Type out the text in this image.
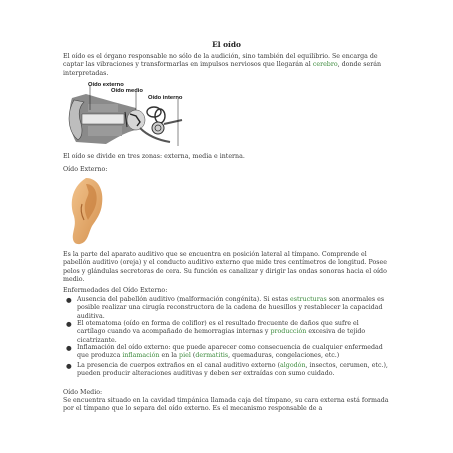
El oído
El oído es el órgano responsable no sólo de la audición, sino también del equilibrio. Se encarga de captar las vibraciones y transformarlas en impulsos nerviosos que llegarán al cerebro, donde serán interpretadas.
Oído externo
Oído medio
Oído interno
El oído se divide en tres zonas: externa, media e interna.
Oído Externo:
Es la parte del aparato auditivo que se encuentra en posición lateral al tímpano. Comprende el pabellón auditivo (oreja) y el conducto auditivo externo que mide tres centímetros de longitud. Posee pelos y glándulas secretoras de cera. Su función es canalizar y dirigir las ondas sonoras hacia el oído medio.
Enfermedades del Oído Externo:
● Ausencia del pabellón auditivo (malformación congénita). Si estas estructuras son anormales es posible realizar una cirugía reconstructora de la cadena de huesillos y restablecer la capacidad auditiva.
● El otematoma (oído en forma de coliflor) es el resultado frecuente de daños que sufre el cartílago cuando va acompañado de hemorragias internas y producción excesiva de tejido cicatrizante.
● Inflamación del oído externo: que puede aparecer como consecuencia de cualquier enfermedad que produzca inflamación en la piel (dermatitis, quemaduras, congelaciones, etc.)
● La presencia de cuerpos extraños en el canal auditivo externo (algodón, insectos, cerumen, etc.), pueden producir alteraciones auditivas y deben ser extraídas con sumo cuidado.
Oído Medio:
Se encuentra situado en la cavidad timpánica llamada caja del tímpano, su cara externa está formada por el tímpano que lo separa del oído externo. Es el mecanismo responsable de a
